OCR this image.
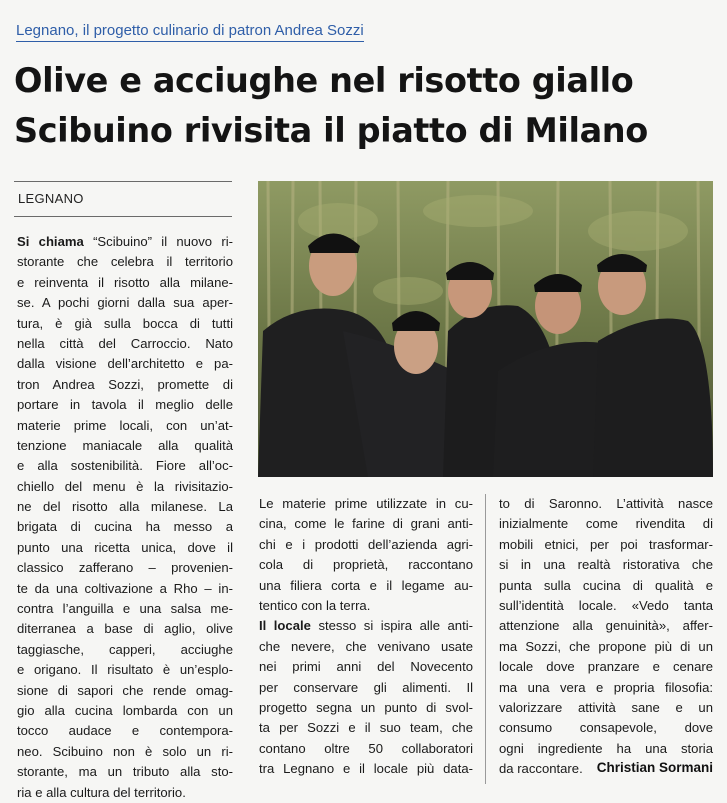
Legnano, il progetto culinario di patron Andrea Sozzi
Olive e acciughe nel risotto giallo
Scibuino rivisita il piatto di Milano
LEGNANO
Si chiama “Scibuino” il nuovo ri-
storante che celebra il territorio
e reinventa il risotto alla milane-
se. A pochi giorni dalla sua aper-
tura, è già sulla bocca di tutti
nella città del Carroccio. Nato
dalla visione dell’architetto e pa-
tron Andrea Sozzi, promette di
portare in tavola il meglio delle
materie prime locali, con un’at-
tenzione maniacale alla qualità
e alla sostenibilità. Fiore all’oc-
chiello del menu è la rivisitazio-
ne del risotto alla milanese. La
brigata di cucina ha messo a
punto una ricetta unica, dove il
classico zafferano – provenien-
te da una coltivazione a Rho – in-
contra l’anguilla e una salsa me-
diterranea a base di aglio, olive
taggiasche, capperi, acciughe
e origano. Il risultato è un’esplo-
sione di sapori che rende omag-
gio alla cucina lombarda con un
tocco audace e contempora-
neo. Scibuino non è solo un ri-
storante, ma un tributo alla sto-
ria e alla cultura del territorio.
Le materie prime utilizzate in cu-
cina, come le farine di grani anti-
chi e i prodotti dell’azienda agri-
cola di proprietà, raccontano
una filiera corta e il legame au-
tentico con la terra.
Il locale stesso si ispira alle anti-
che nevere, che venivano usate
nei primi anni del Novecento
per conservare gli alimenti. Il
progetto segna un punto di svol-
ta per Sozzi e il suo team, che
contano oltre 50 collaboratori
tra Legnano e il locale più data-
to di Saronno. L’attività nasce
inizialmente come rivendita di
mobili etnici, per poi trasformar-
si in una realtà ristorativa che
punta sulla cucina di qualità e
sull’identità locale. «Vedo tanta
attenzione alla genuinità», affer-
ma Sozzi, che propone più di un
locale dove pranzare e cenare
ma una vera e propria filosofia:
valorizzare attività sane e un
consumo consapevole, dove
ogni ingrediente ha una storia
da raccontare.	Christian Sormani
